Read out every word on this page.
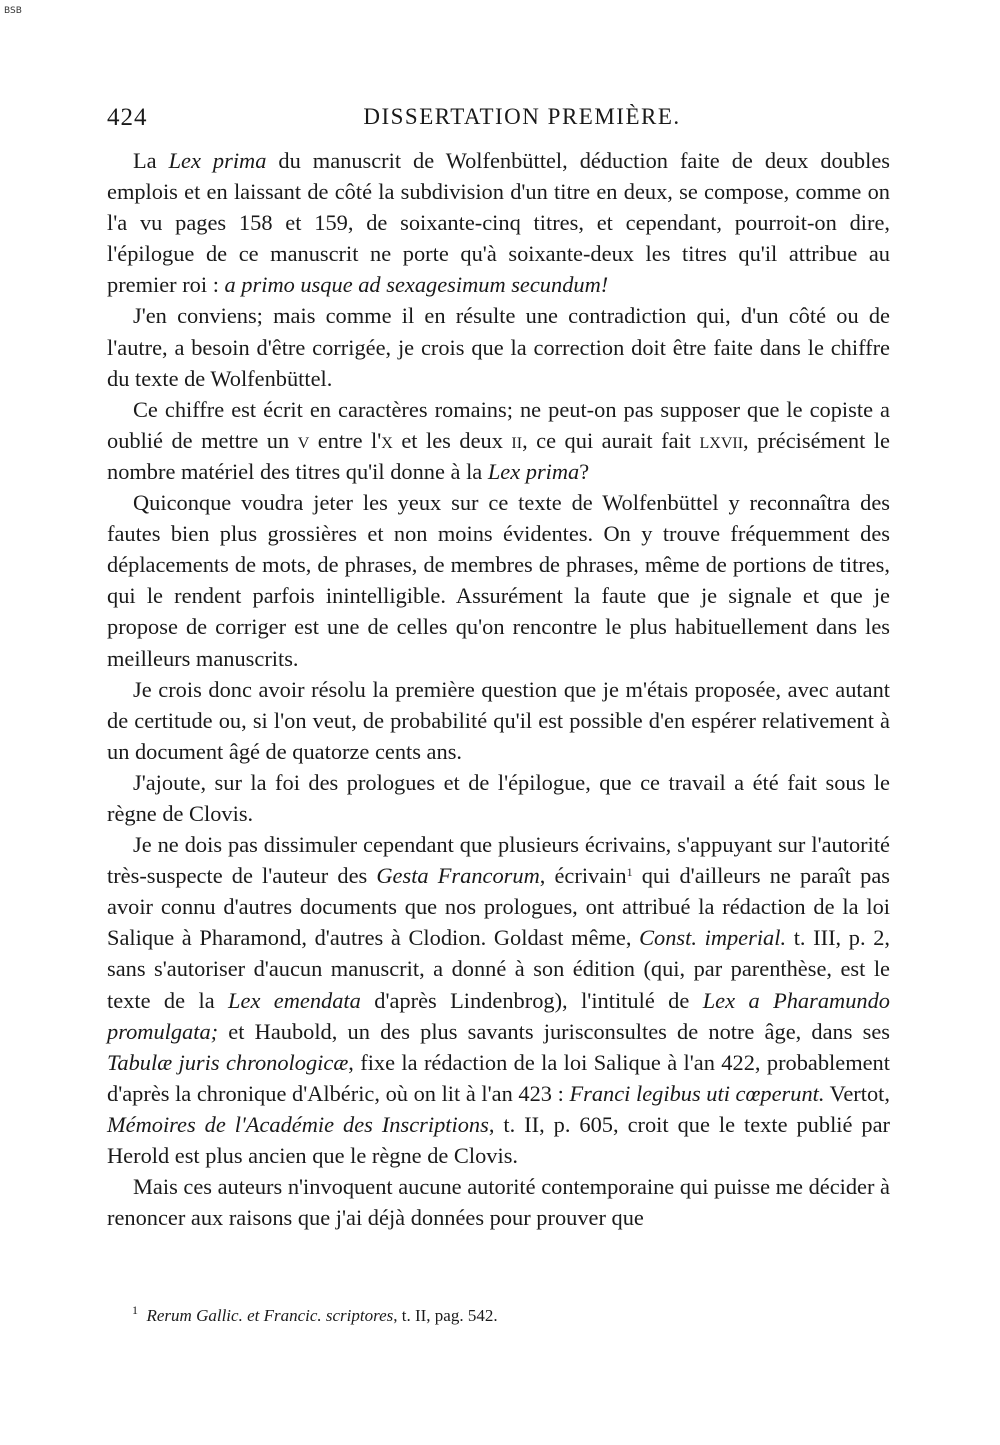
BSB
424	DISSERTATION PREMIÈRE.

La Lex prima du manuscrit de Wolfenbüttel, déduction faite de deux doubles emplois et en laissant de côté la subdivision d'un titre en deux, se compose, comme on l'a vu pages 158 et 159, de soixante-cinq titres, et cependant, pourroit-on dire, l'épilogue de ce manuscrit ne porte qu'à soixante-deux les titres qu'il attribue au premier roi : a primo usque ad sexagesimum secundum!

J'en conviens; mais comme il en résulte une contradiction qui, d'un côté ou de l'autre, a besoin d'être corrigée, je crois que la correction doit être faite dans le chiffre du texte de Wolfenbüttel.

Ce chiffre est écrit en caractères romains; ne peut-on pas supposer que le copiste a oublié de mettre un v entre l'x et les deux ii, ce qui aurait fait lxvii, précisément le nombre matériel des titres qu'il donne à la Lex prima?

Quiconque voudra jeter les yeux sur ce texte de Wolfenbüttel y reconnaîtra des fautes bien plus grossières et non moins évidentes. On y trouve fréquemment des déplacements de mots, de phrases, de membres de phrases, même de portions de titres, qui le rendent parfois inintelligible. Assurément la faute que je signale et que je propose de corriger est une de celles qu'on rencontre le plus habituellement dans les meilleurs manuscrits.

Je crois donc avoir résolu la première question que je m'étais proposée, avec autant de certitude ou, si l'on veut, de probabilité qu'il est possible d'en espérer relativement à un document âgé de quatorze cents ans.

J'ajoute, sur la foi des prologues et de l'épilogue, que ce travail a été fait sous le règne de Clovis.

Je ne dois pas dissimuler cependant que plusieurs écrivains, s'appuyant sur l'autorité très-suspecte de l'auteur des Gesta Francorum, écrivain$^1$ qui d'ailleurs ne paraît pas avoir connu d'autres documents que nos prologues, ont attribué la rédaction de la loi Salique à Pharamond, d'autres à Clodion. Goldast même, Const. imperial. t. III, p. 2, sans s'autoriser d'aucun manuscrit, a donné à son édition (qui, par parenthèse, est le texte de la Lex emendata d'après Lindenbrog), l'intitulé de Lex a Pharamundo promulgata; et Haubold, un des plus savants jurisconsultes de notre âge, dans ses Tabulæ juris chronologicæ, fixe la rédaction de la loi Salique à l'an 422, probablement d'après la chronique d'Albéric, où on lit à l'an 423 : Franci legibus uti cœperunt. Vertot, Mémoires de l'Académie des Inscriptions, t. II, p. 605, croit que le texte publié par Herold est plus ancien que le règne de Clovis.

Mais ces auteurs n'invoquent aucune autorité contemporaine qui puisse me décider à renoncer aux raisons que j'ai déjà données pour prouver que

$^1$ Rerum Gallic. et Francic. scriptores, t. II, pag. 542.
